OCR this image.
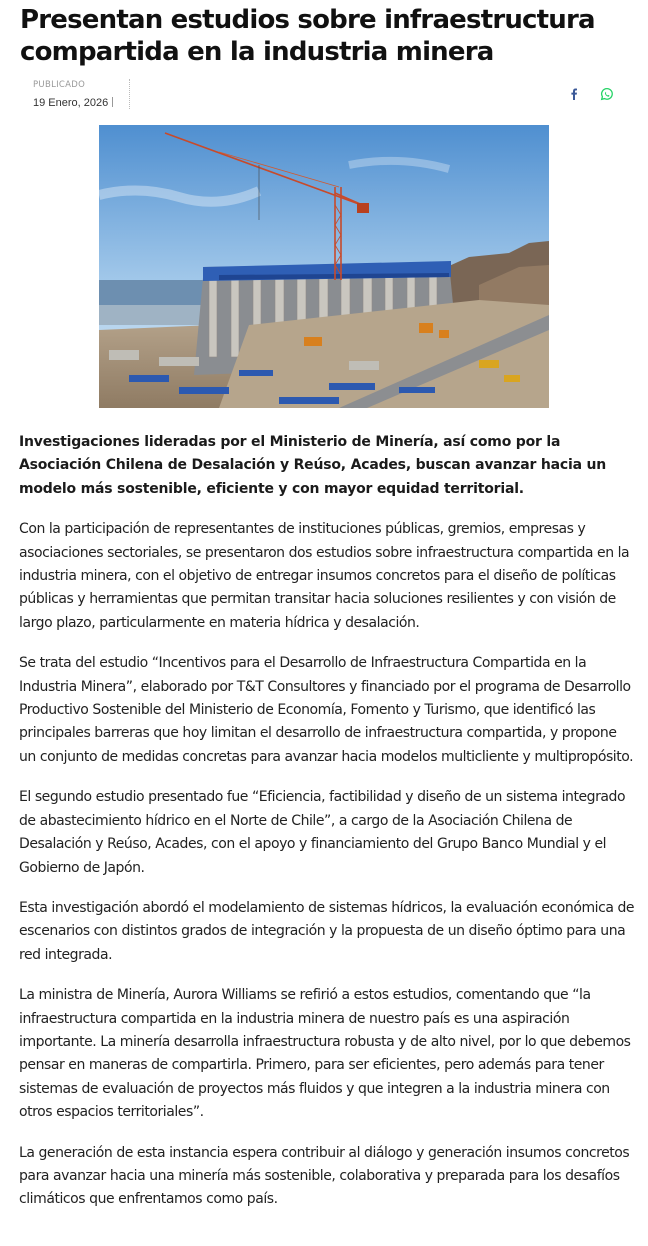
Presentan estudios sobre infraestructura compartida en la industria minera
PUBLICADO
19 Enero, 2026

Investigaciones lideradas por el Ministerio de Minería, así como por la Asociación Chilena de Desalación y Reúso, Acades, buscan avanzar hacia un modelo más sostenible, eficiente y con mayor equidad territorial.

Con la participación de representantes de instituciones públicas, gremios, empresas y asociaciones sectoriales, se presentaron dos estudios sobre infraestructura compartida en la industria minera, con el objetivo de entregar insumos concretos para el diseño de políticas públicas y herramientas que permitan transitar hacia soluciones resilientes y con visión de largo plazo, particularmente en materia hídrica y desalación.

Se trata del estudio “Incentivos para el Desarrollo de Infraestructura Compartida en la Industria Minera”, elaborado por T&T Consultores y financiado por el programa de Desarrollo Productivo Sostenible del Ministerio de Economía, Fomento y Turismo, que identificó las principales barreras que hoy limitan el desarrollo de infraestructura compartida, y propone un conjunto de medidas concretas para avanzar hacia modelos multicliente y multipropósito.

El segundo estudio presentado fue “Eficiencia, factibilidad y diseño de un sistema integrado de abastecimiento hídrico en el Norte de Chile”, a cargo de la Asociación Chilena de Desalación y Reúso, Acades, con el apoyo y financiamiento del Grupo Banco Mundial y el Gobierno de Japón.

Esta investigación abordó el modelamiento de sistemas hídricos, la evaluación económica de escenarios con distintos grados de integración y la propuesta de un diseño óptimo para una red integrada.

La ministra de Minería, Aurora Williams se refirió a estos estudios, comentando que “la infraestructura compartida en la industria minera de nuestro país es una aspiración importante. La minería desarrolla infraestructura robusta y de alto nivel, por lo que debemos pensar en maneras de compartirla. Primero, para ser eficientes, pero además para tener sistemas de evaluación de proyectos más fluidos y que integren a la industria minera con otros espacios territoriales”.

La generación de esta instancia espera contribuir al diálogo y generación insumos concretos para avanzar hacia una minería más sostenible, colaborativa y preparada para los desafíos climáticos que enfrentamos como país.
